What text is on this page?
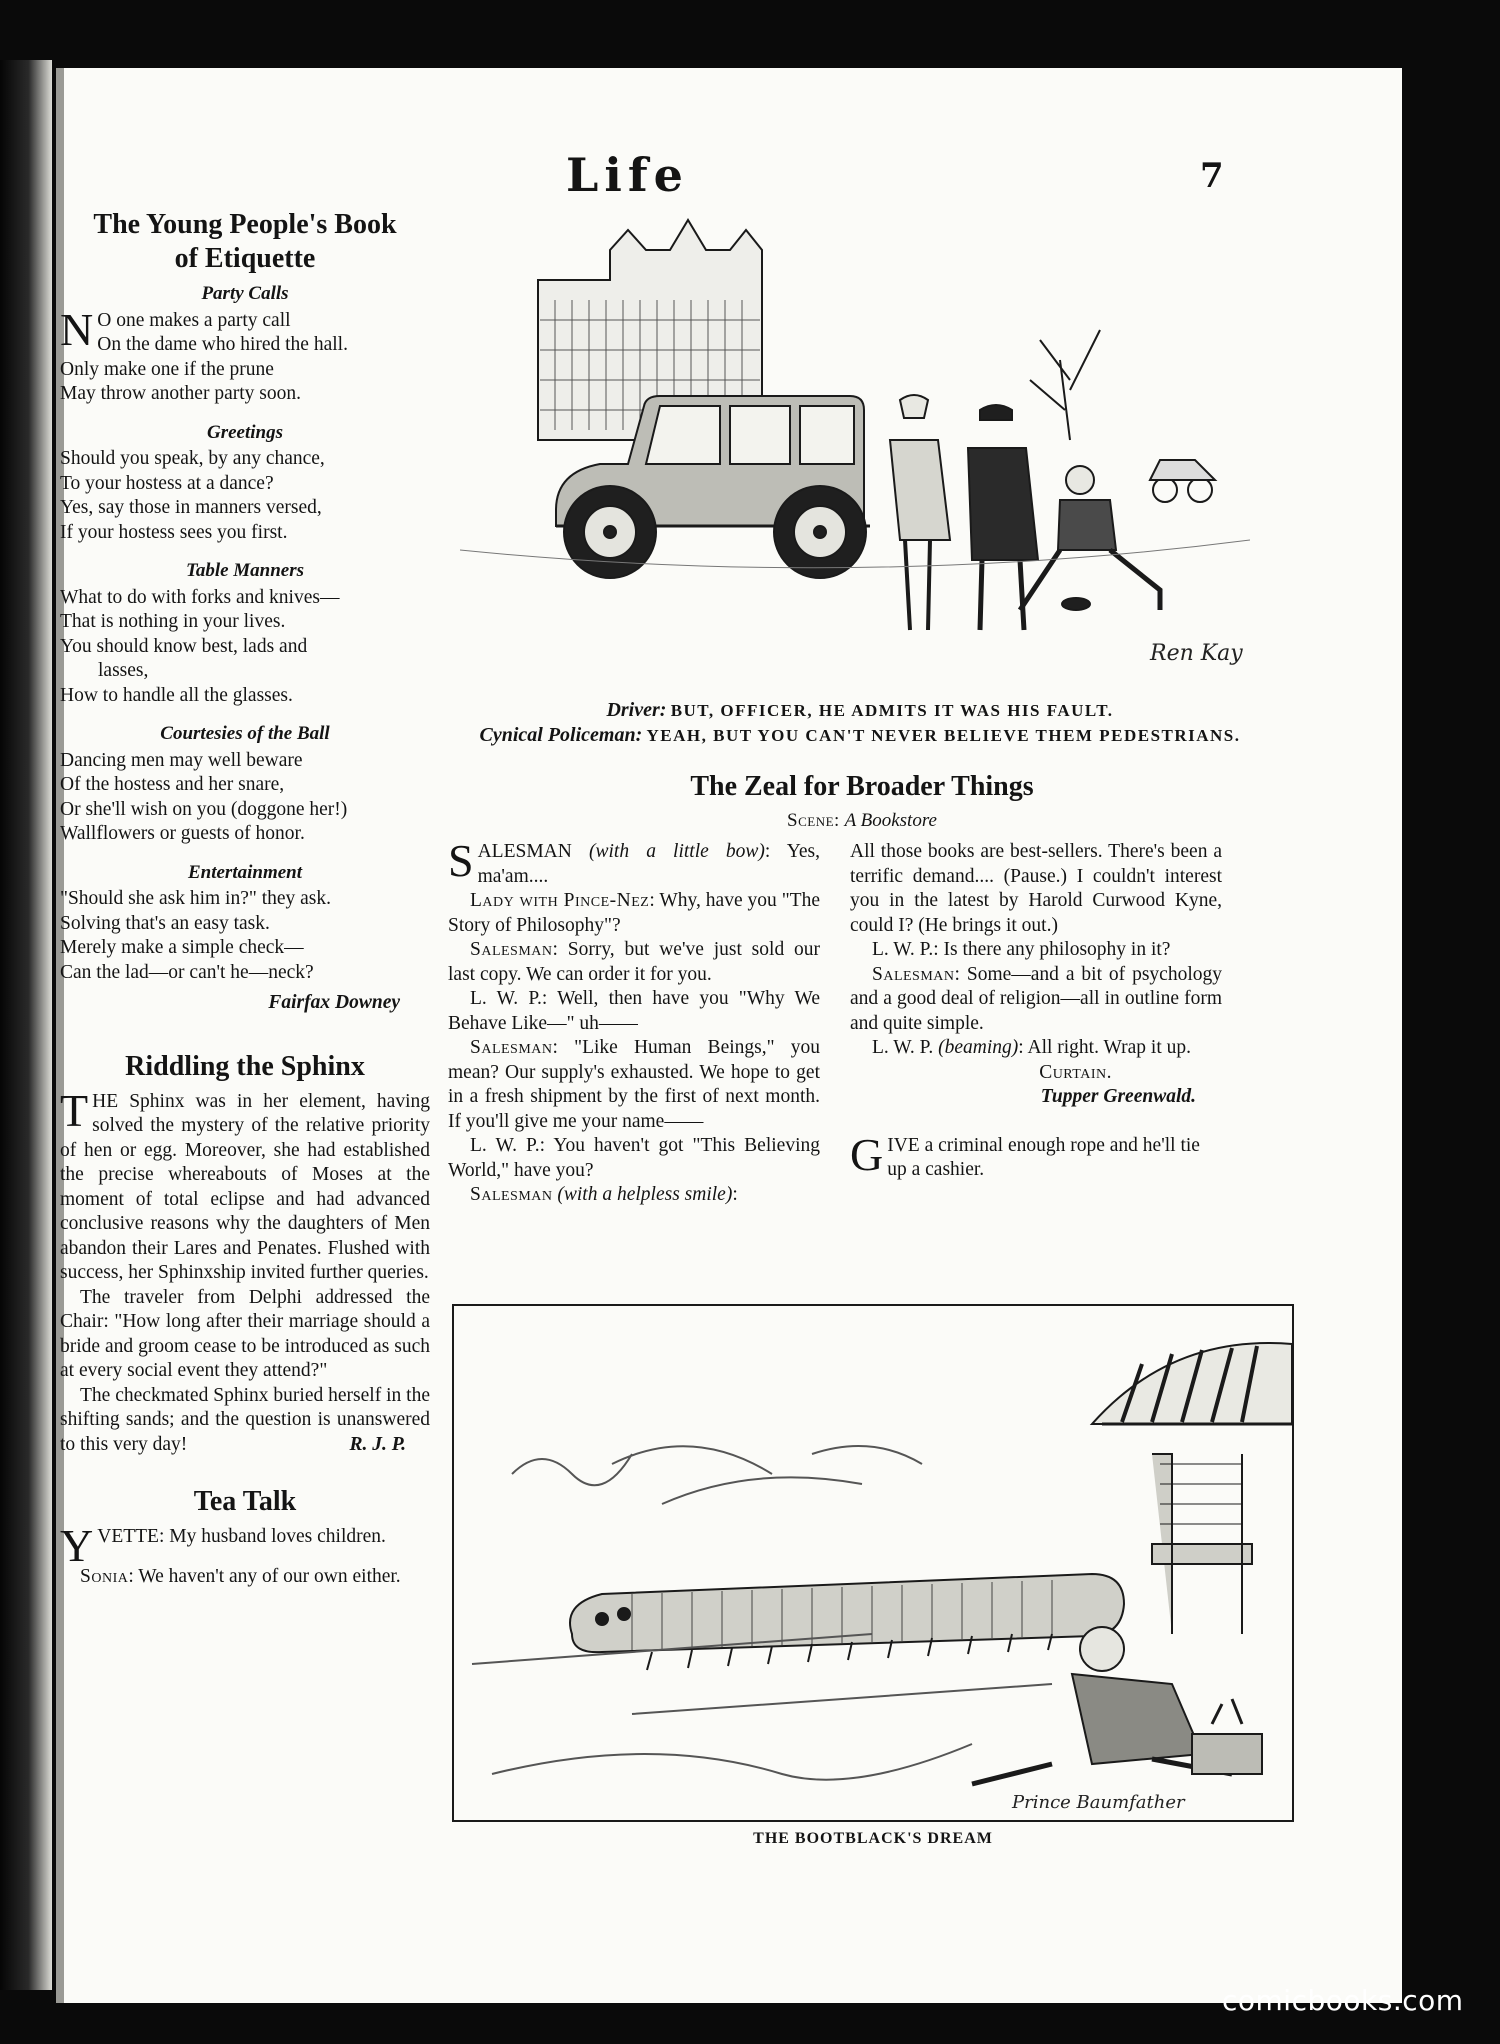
Life	7
The Young People's Book
of Etiquette
Party Calls
N O one makes a party call
On the dame who hired the hall.
Only make one if the prune
May throw another party soon.
Greetings
Should you speak, by any chance,
To your hostess at a dance?
Yes, say those in manners versed,
If your hostess sees you first.
Table Manners
What to do with forks and knives—
That is nothing in your lives.
You should know best, lads and
lasses,
How to handle all the glasses.
Courtesies of the Ball
Dancing men may well beware
Of the hostess and her snare,
Or she'll wish on you (doggone her!)
Wallflowers or guests of honor.
Entertainment
"Should she ask him in?" they ask.
Solving that's an easy task.
Merely make a simple check—
Can the lad—or can't he—neck?
Fairfax Downey
Riddling the Sphinx

THE Sphinx was in her element, having solved the mystery of the relative priority of hen or egg. Moreover, she had established the precise whereabouts of Moses at the moment of total eclipse and had advanced conclusive reasons why the daughters of Men abandon their Lares and Penates. Flushed with success, her Sphinxship invited further queries.

The traveler from Delphi addressed the Chair: "How long after their marriage should a bride and groom cease to be introduced as such at every social event they attend?"

The checkmated Sphinx buried herself in the shifting sands; and the question is unanswered to this very day!	R. J. P.

Tea Talk

YVETTE: My husband loves children.

Sonia: We haven't any of our own either.

Ren Kay
Driver: BUT, OFFICER, HE ADMITS IT WAS HIS FAULT.
Cynical Policeman: YEAH, BUT YOU CAN'T NEVER BELIEVE THEM PEDESTRIANS.
The Zeal for Broader Things
Scene: A Bookstore

SALESMAN (with a little bow): Yes, ma'am....

Lady with Pince-Nez: Why, have you "The Story of Philosophy"?

Salesman: Sorry, but we've just sold our last copy. We can order it for you.

L. W. P.: Well, then have you "Why We Behave Like—" uh——

Salesman: "Like Human Beings," you mean? Our supply's exhausted. We hope to get in a fresh shipment by the first of next month. If you'll give me your name——

L. W. P.: You haven't got "This Believing World," have you?

Salesman (with a helpless smile):

All those books are best-sellers. There's been a terrific demand.... (Pause.) I couldn't interest you in the latest by Harold Curwood Kyne, could I? (He brings it out.)

L. W. P.: Is there any philosophy in it?

Salesman: Some—and a bit of psychology and a good deal of religion—all in outline form and quite simple.

L. W. P. (beaming): All right. Wrap it up.

Curtain.
Tupper Greenwald.
GIVE a criminal enough rope and he'll tie up a cashier.
Prince Baumfather
THE BOOTBLACK'S DREAM
comicbooks.com
